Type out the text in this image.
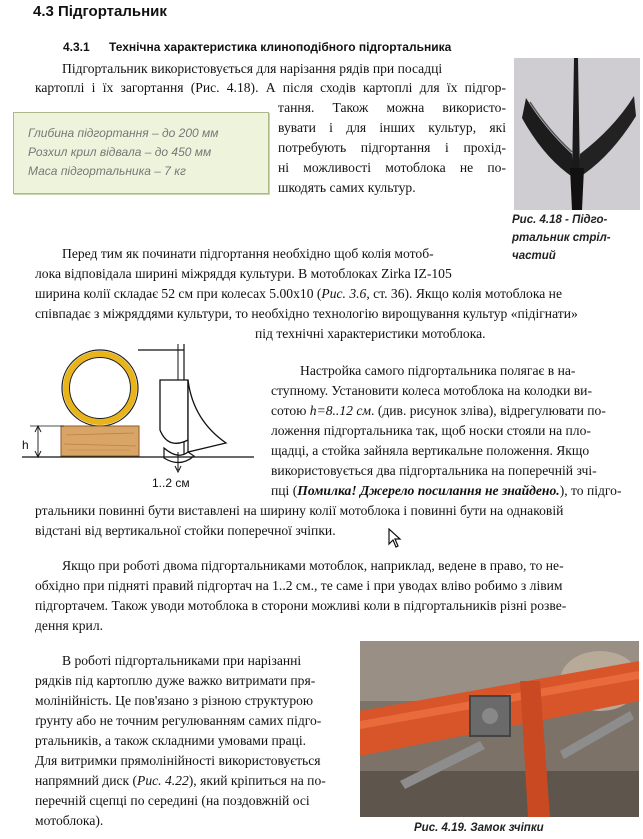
4.3 Підгортальник
4.3.1 Технічна характеристика клиноподібного підгортальника
Підгортальник використовується для нарізання рядів при посадці
картоплі і їх загортання (Рис. 4.18). А після сходів картоплі для їх підгор-
тання. Також можна використо-
вувати і для інших культур, які
потребують підгортання і прохід-
ні можливості мотоблока не по-
шкодять самих культур.
Глибина підгортання – до 200 мм
Розхил крил відвала – до 450 мм
Маса підгортальника – 7 кг
Рис. 4.18 - Підго-
ртальник стріл-
частий
Перед тим як починати підгортання необхідно щоб колія мотоб-
лока відповідала ширині міжряддя культури. В мотоблоках Zirka IZ-105
ширина колії складає 52 см при колесах 5.00х10 (Рис. 3.6, ст. 36). Якщо колія мотоблока не
співпадає з міжряддями культури, то необхідно технологію вирощування культур «підігнати»
під технічні характеристики мотоблока.
h
1..2 см
Настройка самого підгортальника полягає в на-
ступному. Установити колеса мотоблока на колодки ви-
сотою h=8..12 см. (див. рисунок зліва), відрегулювати по-
ложення підгортальника так, щоб носки стояли на пло-
щадці, а стойка зайняла вертикальне положення. Якщо
використовується два підгортальника на поперечній зчі-
пці (Помилка! Джерело посилання не знайдено.), то підго-
ртальники повинні бути виставлені на ширину колії мотоблока і повинні бути на однаковій
відстані від вертикальної стойки поперечної зчіпки.
Якщо при роботі двома підгортальниками мотоблок, наприклад, ведене в право, то не-
обхідно при підняті правий підгортач на 1..2 см., те саме і при уводах вліво робимо з лівим
підгортачем. Також уводи мотоблока в сторони можливі коли в підгортальників різні розве-
дення крил.
В роботі підгортальниками при нарізанні
рядків під картоплю дуже важко витримати пря-
молінійність. Це пов'язано з різною структурою
ґрунту або не точним регулюванням самих підго-
ртальників, а також складними умовами праці.
Для витримки прямолінійності використовується
напрямний диск (Рис. 4.22), який кріпиться на по-
перечній сцепці по середині (на поздовжній осі
мотоблока).	Рис. 4.19. Замок зчіпки
